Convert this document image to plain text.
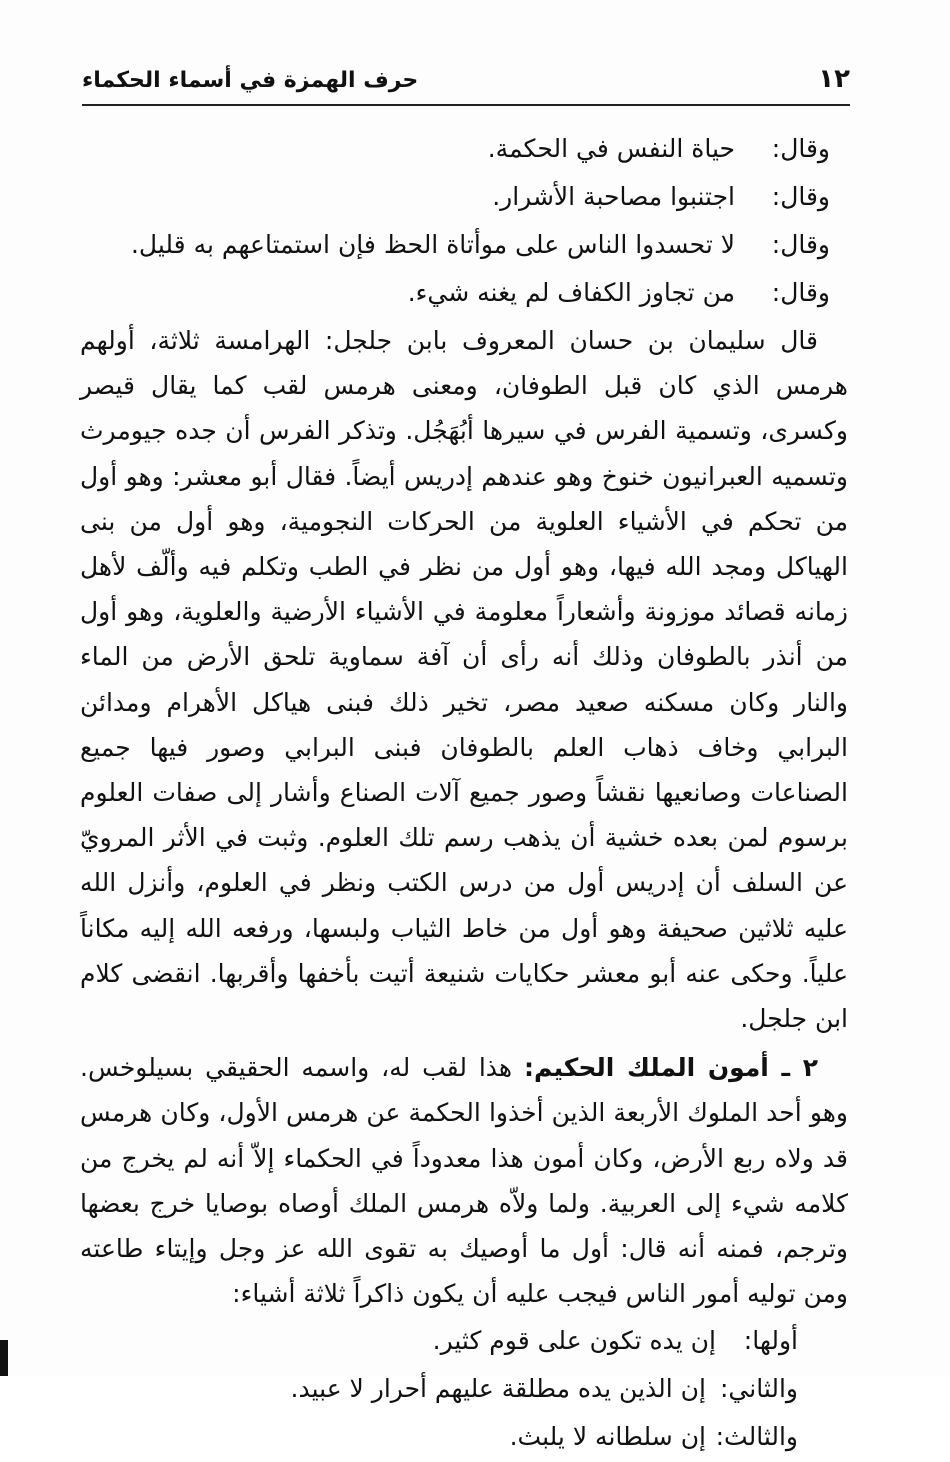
١٢
حرف الهمزة في أسماء الحكماء
وقال:
حياة النفس في الحكمة.
وقال:
اجتنبوا مصاحبة الأشرار.
وقال:
لا تحسدوا الناس على موأتاة الحظ فإن استمتاعهم به قليل.
وقال:
من تجاوز الكفاف لم يغنه شيء.

قال سليمان بن حسان المعروف بابن جلجل: الهرامسة ثلاثة، أولهم هرمس الذي كان قبل الطوفان، ومعنى هرمس لقب كما يقال قيصر وكسرى، وتسمية الفرس في سيرها أبُهَجُل. وتذكر الفرس أن جده جيومرث وتسميه العبرانيون خنوخ وهو عندهم إدريس أيضاً. فقال أبو معشر: وهو أول من تحكم في الأشياء العلوية من الحركات النجومية، وهو أول من بنى الهياكل ومجد الله فيها، وهو أول من نظر في الطب وتكلم فيه وألّف لأهل زمانه قصائد موزونة وأشعاراً معلومة في الأشياء الأرضية والعلوية، وهو أول من أنذر بالطوفان وذلك أنه رأى أن آفة سماوية تلحق الأرض من الماء والنار وكان مسكنه صعيد مصر، تخير ذلك فبنى هياكل الأهرام ومدائن البرابي وخاف ذهاب العلم بالطوفان فبنى البرابي وصور فيها جميع الصناعات وصانعيها نقشاً وصور جميع آلات الصناع وأشار إلى صفات العلوم برسوم لمن بعده خشية أن يذهب رسم تلك العلوم. وثبت في الأثر المرويّ عن السلف أن إدريس أول من درس الكتب ونظر في العلوم، وأنزل الله عليه ثلاثين صحيفة وهو أول من خاط الثياب ولبسها، ورفعه الله إليه مكاناً علياً. وحكى عنه أبو معشر حكايات شنيعة أتيت بأخفها وأقربها. انقضى كلام ابن جلجل.

٢ ـ أمون الملك الحكيم: هذا لقب له، واسمه الحقيقي بسيلوخس. وهو أحد الملوك الأربعة الذين أخذوا الحكمة عن هرمس الأول، وكان هرمس قد ولاه ربع الأرض، وكان أمون هذا معدوداً في الحكماء إلاّ أنه لم يخرج من كلامه شيء إلى العربية. ولما ولاّه هرمس الملك أوصاه بوصايا خرج بعضها وترجم، فمنه أنه قال: أول ما أوصيك به تقوى الله عز وجل وإيتاء طاعته ومن توليه أمور الناس فيجب عليه أن يكون ذاكراً ثلاثة أشياء:

أولها:
إن يده تكون على قوم كثير.
والثاني:
إن الذين يده مطلقة عليهم أحرار لا عبيد.
والثالث:
إن سلطانه لا يلبث.
